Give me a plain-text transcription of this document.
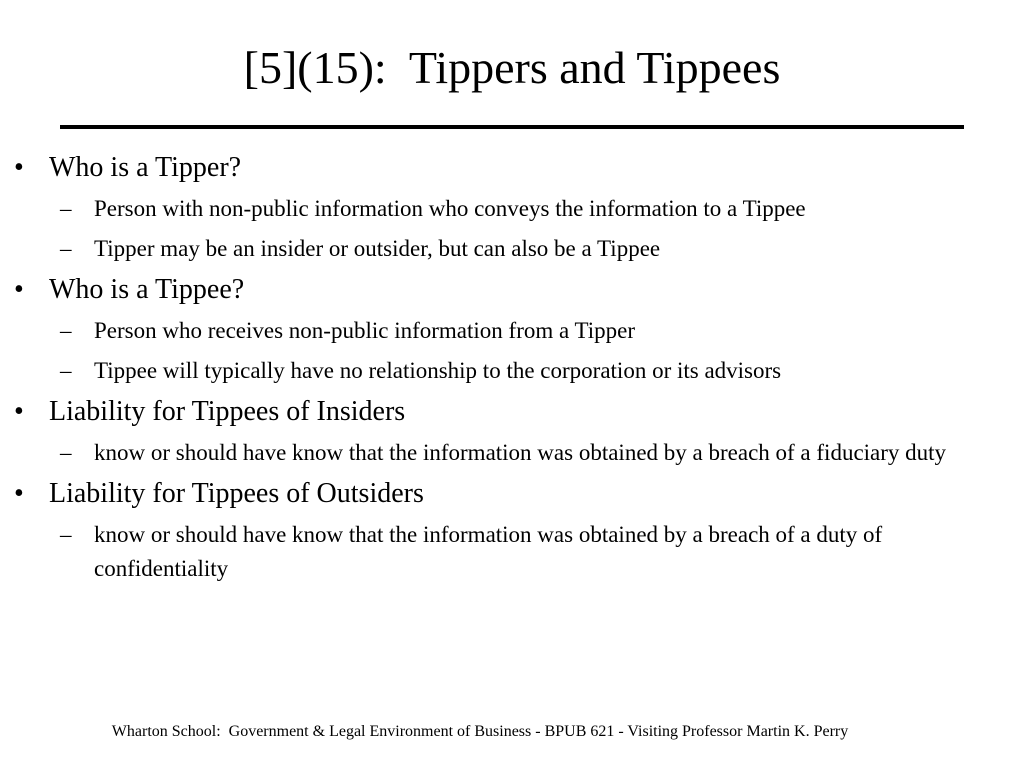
[5](15):  Tippers and Tippees
• Who is a Tipper?
– Person with non-public information who conveys the information to a Tippee
– Tipper may be an insider or outsider, but can also be a Tippee
• Who is a Tippee?
– Person who receives non-public information from a Tipper
– Tippee will typically have no relationship to the corporation or its advisors
• Liability for Tippees of Insiders
– know or should have know that the information was obtained by a breach of a fiduciary duty
• Liability for Tippees of Outsiders
– know or should have know that the information was obtained by a breach of a duty of confidentiality
Wharton School:  Government & Legal Environment of Business - BPUB 621 - Visiting Professor Martin K. Perry
